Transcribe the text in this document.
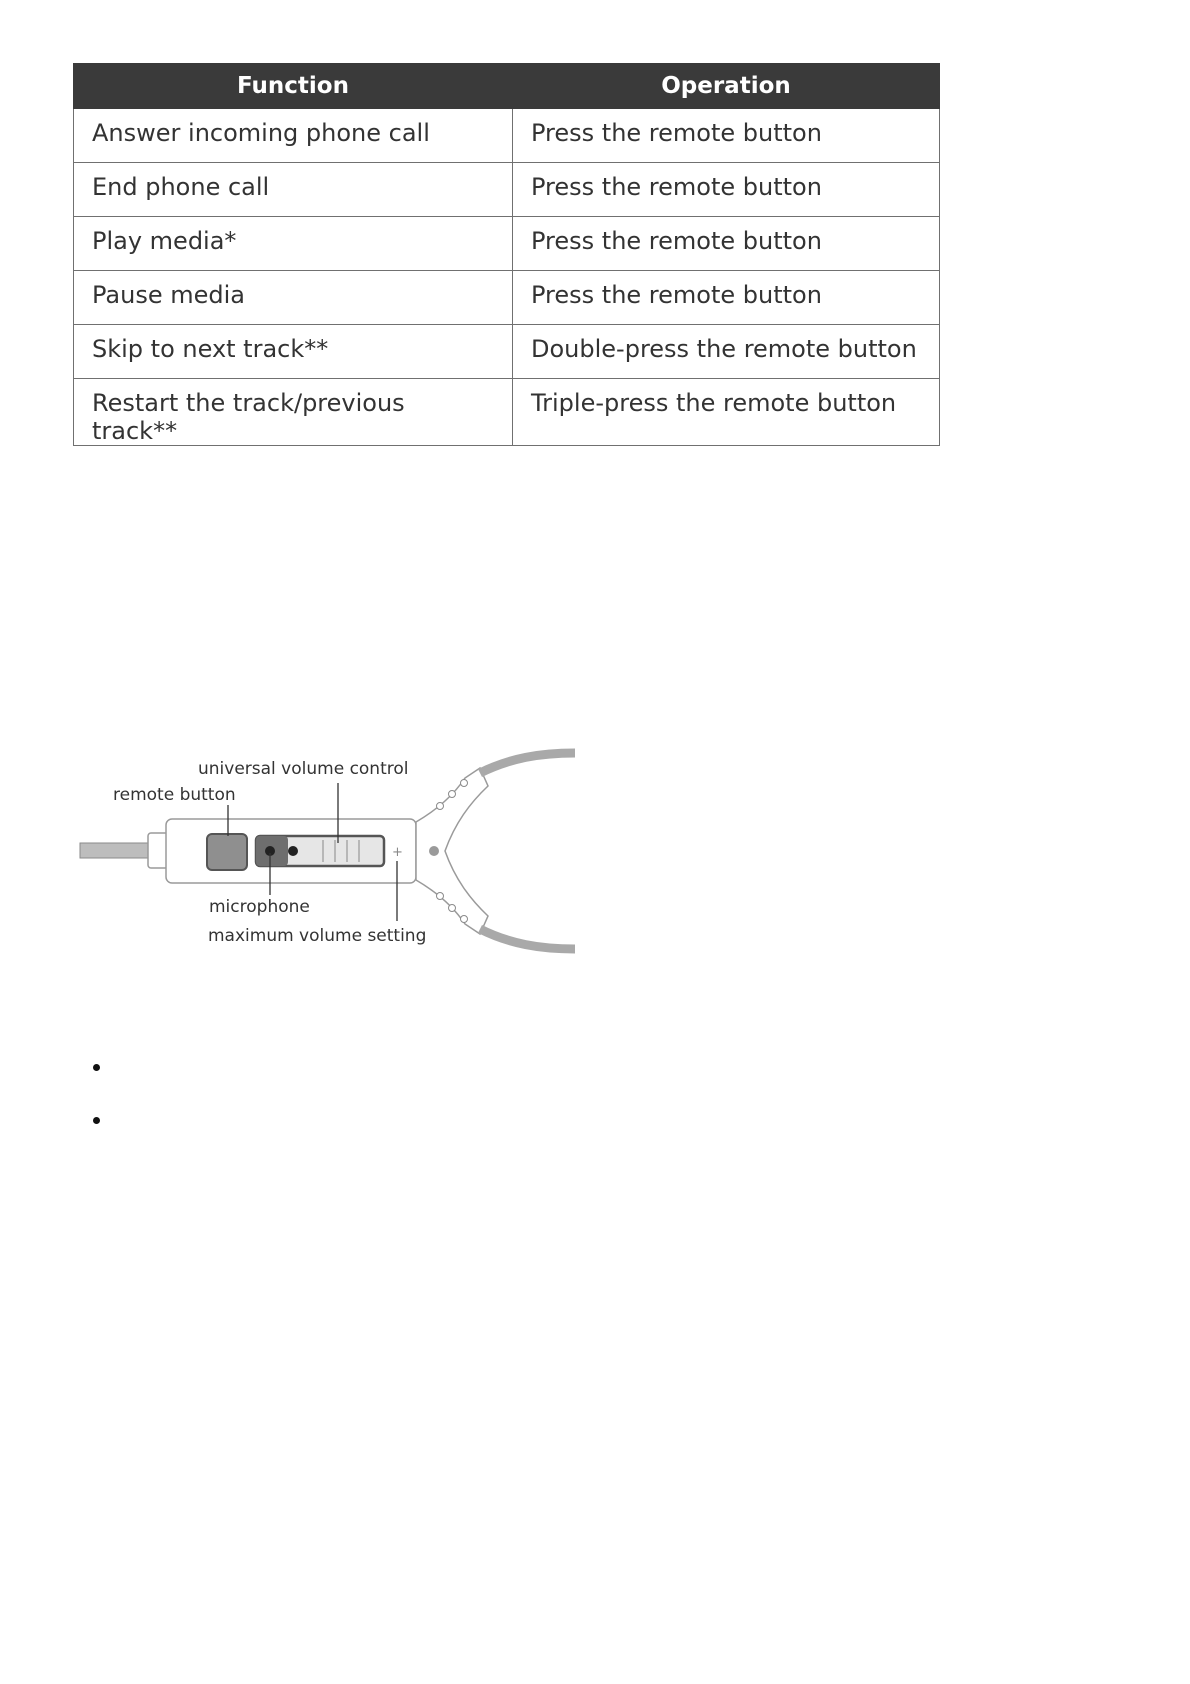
Function	Operation
Answer incoming phone call	Press the remote button
End phone call	Press the remote button
Play media*	Press the remote button
Pause media	Press the remote button
Skip to next track**	Double-press the remote button
Restart the track/previous track**	Triple-press the remote button
+
universal volume control
remote button
microphone
maximum volume setting
